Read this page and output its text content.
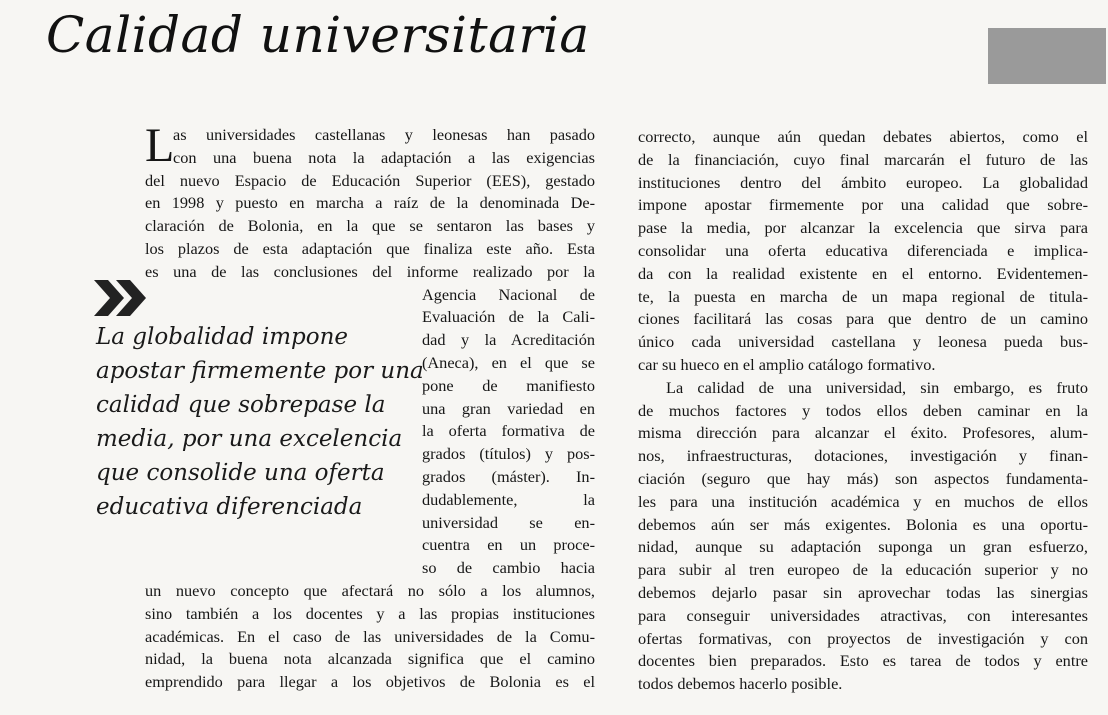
Calidad universitaria
La globalidad impone
apostar firmemente por una
calidad que sobrepase la
media, por una excelencia
que consolide una oferta
educativa diferenciada
L
as universidades castellanas y leonesas han pasado
con una buena nota la adaptación a las exigencias
del nuevo Espacio de Educación Superior (EES), gestado
en 1998 y puesto en marcha a raíz de la denominada De-
claración de Bolonia, en la que se sentaron las bases y
los plazos de esta adaptación que finaliza este año. Esta
es una de las conclusiones del informe realizado por la
Agencia Nacional de
Evaluación de la Cali-
dad y la Acreditación
(Aneca), en el que se
pone de manifiesto
una gran variedad en
la oferta formativa de
grados (títulos) y pos-
grados (máster). In-
dudablemente, la
universidad se en-
cuentra en un proce-
so de cambio hacia
un nuevo concepto que afectará no sólo a los alumnos,
sino también a los docentes y a las propias instituciones
académicas. En el caso de las universidades de la Comu-
nidad, la buena nota alcanzada significa que el camino
emprendido para llegar a los objetivos de Bolonia es el
correcto, aunque aún quedan debates abiertos, como el
de la financiación, cuyo final marcarán el futuro de las
instituciones dentro del ámbito europeo. La globalidad
impone apostar firmemente por una calidad que sobre-
pase la media, por alcanzar la excelencia que sirva para
consolidar una oferta educativa diferenciada e implica-
da con la realidad existente en el entorno. Evidentemen-
te, la puesta en marcha de un mapa regional de titula-
ciones facilitará las cosas para que dentro de un camino
único cada universidad castellana y leonesa pueda bus-
car su hueco en el amplio catálogo formativo.
La calidad de una universidad, sin embargo, es fruto
de muchos factores y todos ellos deben caminar en la
misma dirección para alcanzar el éxito. Profesores, alum-
nos, infraestructuras, dotaciones, investigación y finan-
ciación (seguro que hay más) son aspectos fundamenta-
les para una institución académica y en muchos de ellos
debemos aún ser más exigentes. Bolonia es una oportu-
nidad, aunque su adaptación suponga un gran esfuerzo,
para subir al tren europeo de la educación superior y no
debemos dejarlo pasar sin aprovechar todas las sinergias
para conseguir universidades atractivas, con interesantes
ofertas formativas, con proyectos de investigación y con
docentes bien preparados. Esto es tarea de todos y entre
todos debemos hacerlo posible.
